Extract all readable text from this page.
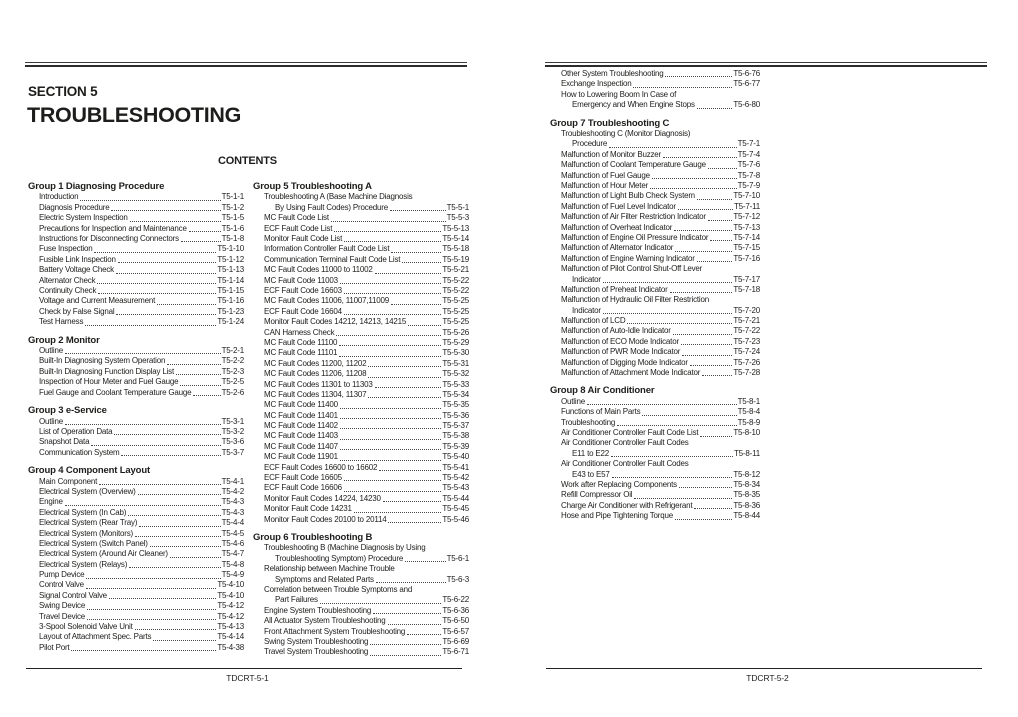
SECTION 5
TROUBLESHOOTING
CONTENTS
Group 1 Diagnosing Procedure
Introduction	T5-1-1
Diagnosis Procedure	T5-1-2
Electric System Inspection	T5-1-5
Precautions for Inspection and Maintenance	T5-1-6
Instructions for Disconnecting Connectors	T5-1-8
Fuse Inspection	T5-1-10
Fusible Link Inspection	T5-1-12
Battery Voltage Check	T5-1-13
Alternator Check	T5-1-14
Continuity Check	T5-1-15
Voltage and Current Measurement	T5-1-16
Check by False Signal	T5-1-23
Test Harness	T5-1-24
Group 2 Monitor
Outline	T5-2-1
Built-In Diagnosing System Operation	T5-2-2
Built-In Diagnosing Function Display List	T5-2-3
Inspection of Hour Meter and Fuel Gauge	T5-2-5
Fuel Gauge and Coolant Temperature Gauge	T5-2-6
Group 3 e-Service
Outline	T5-3-1
List of Operation Data	T5-3-2
Snapshot Data	T5-3-6
Communication System	T5-3-7
Group 4 Component Layout
Main Component	T5-4-1
Electrical System (Overview)	T5-4-2
Engine	T5-4-3
Electrical System (In Cab)	T5-4-3
Electrical System (Rear Tray)	T5-4-4
Electrical System (Monitors)	T5-4-5
Electrical System (Switch Panel)	T5-4-6
Electrical System (Around Air Cleaner)	T5-4-7
Electrical System (Relays)	T5-4-8
Pump Device	T5-4-9
Control Valve	T5-4-10
Signal Control Valve	T5-4-10
Swing Device	T5-4-12
Travel Device	T5-4-12
3-Spool Solenoid Valve Unit	T5-4-13
Layout of Attachment Spec. Parts	T5-4-14
Pilot Port	T5-4-38
Group 5 Troubleshooting A
Troubleshooting A (Base Machine Diagnosis
By Using Fault Codes) Procedure	T5-5-1
MC Fault Code List	T5-5-3
ECF Fault Code List	T5-5-13
Monitor Fault Code List	T5-5-14
Information Controller Fault Code List	T5-5-18
Communication Terminal Fault Code List	T5-5-19
MC Fault Codes 11000 to 11002	T5-5-21
MC Fault Code 11003	T5-5-22
ECF Fault Code 16603	T5-5-22
MC Fault Codes 11006, 11007,11009	T5-5-25
ECF Fault Code 16604	T5-5-25
Monitor Fault Codes 14212, 14213, 14215	T5-5-25
CAN Harness Check	T5-5-26
MC Fault Code 11100	T5-5-29
MC Fault Code 11101	T5-5-30
MC Fault Codes 11200, 11202	T5-5-31
MC Fault Codes 11206, 11208	T5-5-32
MC Fault Codes 11301 to 11303	T5-5-33
MC Fault Codes 11304, 11307	T5-5-34
MC Fault Code 11400	T5-5-35
MC Fault Code 11401	T5-5-36
MC Fault Code 11402	T5-5-37
MC Fault Code 11403	T5-5-38
MC Fault Code 11407	T5-5-39
MC Fault Code 11901	T5-5-40
ECF Fault Codes 16600 to 16602	T5-5-41
ECF Fault Code 16605	T5-5-42
ECF Fault Code 16606	T5-5-43
Monitor Fault Codes 14224, 14230	T5-5-44
Monitor Fault Code 14231	T5-5-45
Monitor Fault Codes 20100 to 20114	T5-5-46
Group 6 Troubleshooting B
Troubleshooting B (Machine Diagnosis by Using
Troubleshooting Symptom) Procedure	T5-6-1
Relationship between Machine Trouble
Symptoms and Related Parts	T5-6-3
Correlation between Trouble Symptoms and
Part Failures	T5-6-22
Engine System Troubleshooting	T5-6-36
All Actuator System Troubleshooting	T5-6-50
Front Attachment System Troubleshooting	T5-6-57
Swing System Troubleshooting	T5-6-69
Travel System Troubleshooting	T5-6-71
TDCRT-5-1
Other System Troubleshooting	T5-6-76
Exchange Inspection	T5-6-77
How to Lowering Boom In Case of
Emergency and When Engine Stops	T5-6-80
Group 7 Troubleshooting C
Troubleshooting C (Monitor Diagnosis)
Procedure	T5-7-1
Malfunction of Monitor Buzzer	T5-7-4
Malfunction of Coolant Temperature Gauge	T5-7-6
Malfunction of Fuel Gauge	T5-7-8
Malfunction of Hour Meter	T5-7-9
Malfunction of Light Bulb Check System	T5-7-10
Malfunction of Fuel Level Indicator	T5-7-11
Malfunction of Air Filter Restriction Indicator	T5-7-12
Malfunction of Overheat Indicator	T5-7-13
Malfunction of Engine Oil Pressure Indicator	T5-7-14
Malfunction of Alternator Indicator	T5-7-15
Malfunction of Engine Warning Indicator	T5-7-16
Malfunction of Pilot Control Shut-Off Lever
Indicator	T5-7-17
Malfunction of Preheat Indicator	T5-7-18
Malfunction of Hydraulic Oil Filter Restriction
Indicator	T5-7-20
Malfunction of LCD	T5-7-21
Malfunction of Auto-Idle Indicator	T5-7-22
Malfunction of ECO Mode Indicator	T5-7-23
Malfunction of PWR Mode Indicator	T5-7-24
Malfunction of Digging Mode Indicator	T5-7-26
Malfunction of Attachment Mode Indicator	T5-7-28
Group 8 Air Conditioner
Outline	T5-8-1
Functions of Main Parts	T5-8-4
Troubleshooting	T5-8-9
Air Conditioner Controller Fault Code List	T5-8-10
Air Conditioner Controller Fault Codes
E11 to E22	T5-8-11
Air Conditioner Controller Fault Codes
E43 to E57	T5-8-12
Work after Replacing Components	T5-8-34
Refill Compressor Oil	T5-8-35
Charge Air Conditioner with Refrigerant	T5-8-36
Hose and Pipe Tightening Torque	T5-8-44
TDCRT-5-2
